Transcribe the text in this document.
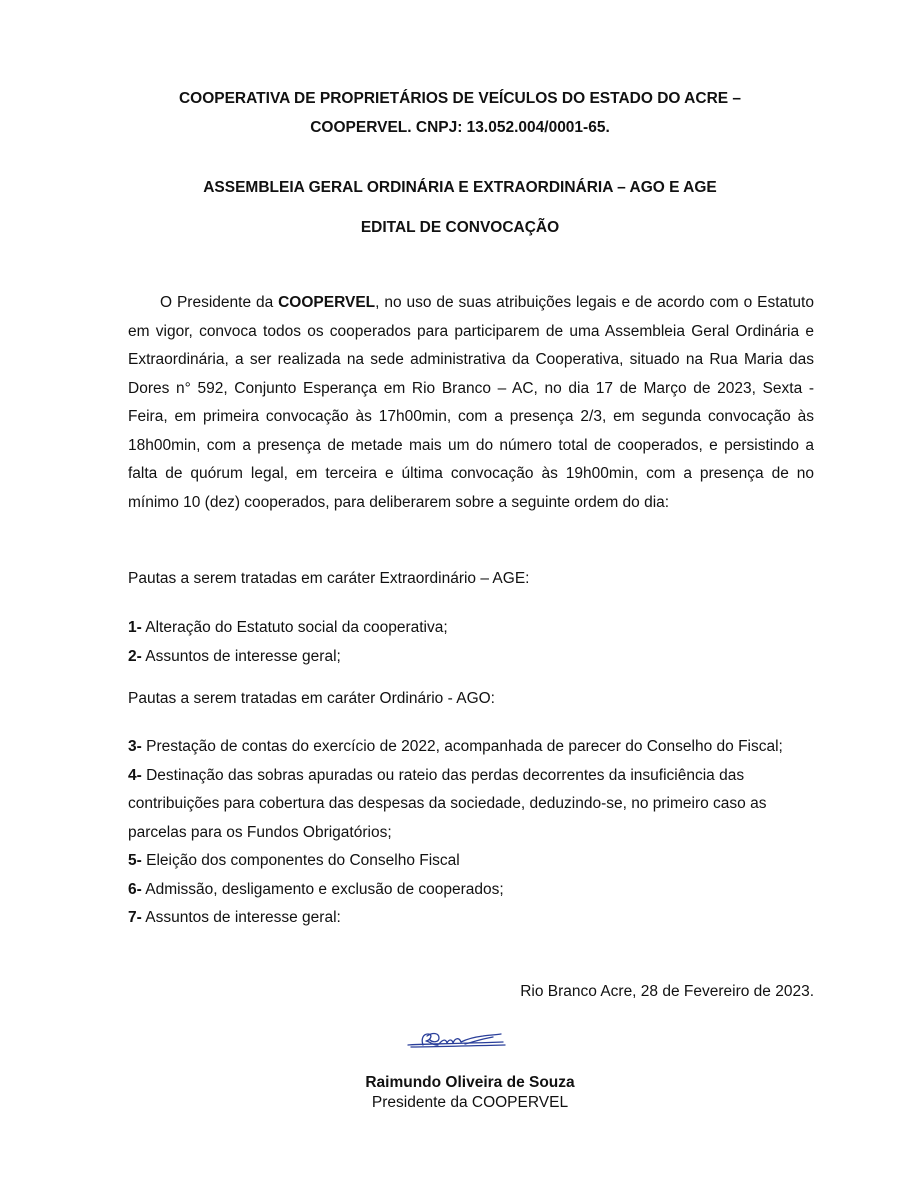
COOPERATIVA DE PROPRIETÁRIOS DE VEÍCULOS DO ESTADO DO ACRE –
COOPERVEL. CNPJ: 13.052.004/0001-65.
ASSEMBLEIA GERAL ORDINÁRIA E EXTRAORDINÁRIA – AGO E AGE
EDITAL DE CONVOCAÇÃO

O Presidente da COOPERVEL, no uso de suas atribuições legais e de acordo com o Estatuto em vigor, convoca todos os cooperados para participarem de uma Assembleia Geral Ordinária e Extraordinária, a ser realizada na sede administrativa da Cooperativa, situado na Rua Maria das Dores n° 592, Conjunto Esperança em Rio Branco – AC, no dia 17 de Março de 2023, Sexta - Feira, em primeira convocação às 17h00min, com a presença 2/3, em segunda convocação às 18h00min, com a presença de metade mais um do número total de cooperados, e persistindo a falta de quórum legal, em terceira e última convocação às 19h00min, com a presença de no mínimo 10 (dez) cooperados, para deliberarem sobre a seguinte ordem do dia:

Pautas a serem tratadas em caráter Extraordinário – AGE:
1- Alteração do Estatuto social da cooperativa;
2- Assuntos de interesse geral;
Pautas a serem tratadas em caráter Ordinário - AGO:
3- Prestação de contas do exercício de 2022, acompanhada de parecer do Conselho do Fiscal;
4- Destinação das sobras apuradas ou rateio das perdas decorrentes da insuficiência das contribuições para cobertura das despesas da sociedade, deduzindo-se, no primeiro caso as parcelas para os Fundos Obrigatórios;
5- Eleição dos componentes do Conselho Fiscal
6- Admissão, desligamento e exclusão de cooperados;
7- Assuntos de interesse geral:
Rio Branco Acre, 28 de Fevereiro de 2023.
Raimundo Oliveira de Souza
Presidente da COOPERVEL
